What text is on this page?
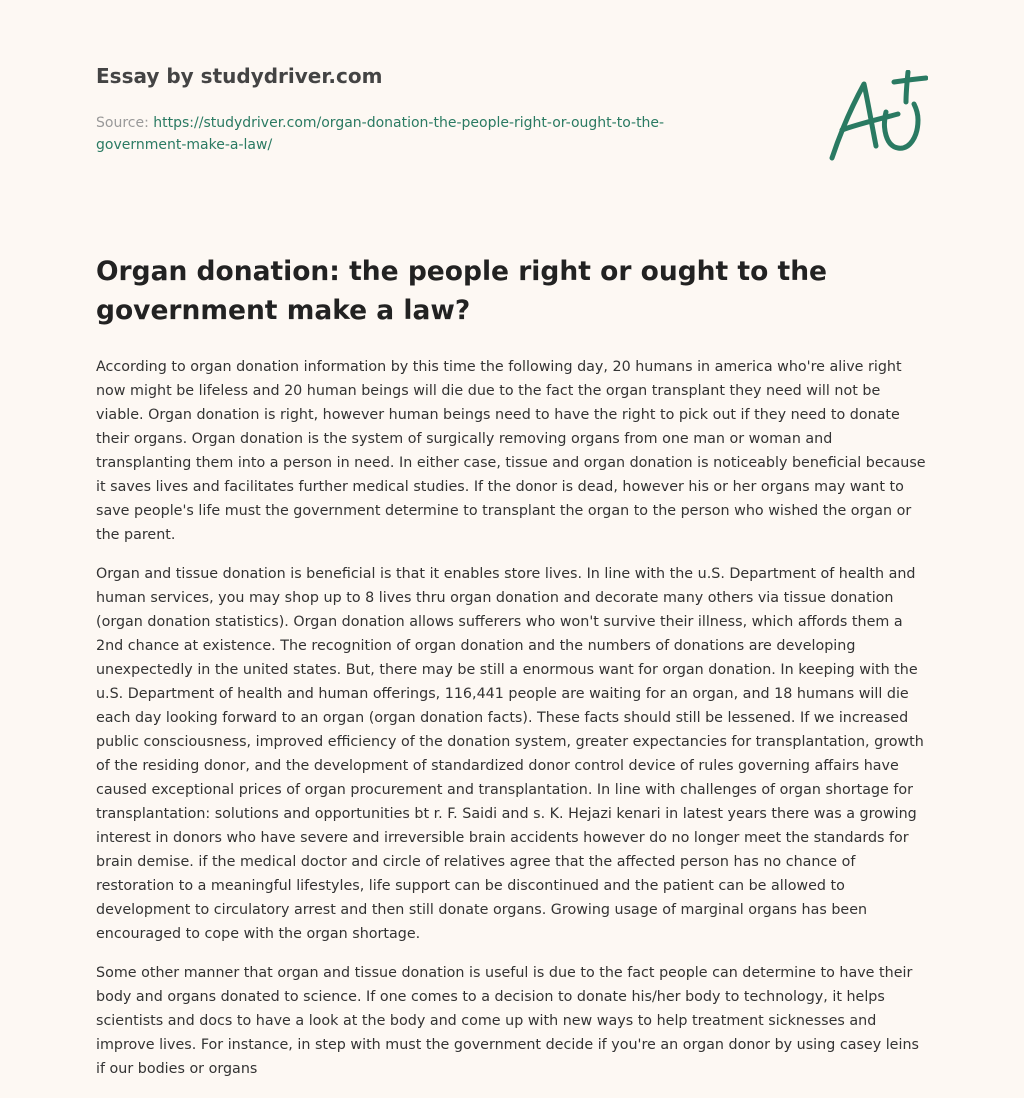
Essay by studydriver.com
Source: https://studydriver.com/organ-donation-the-people-right-or-ought-to-the-government-make-a-law/
Organ donation: the people right or ought to the government make a law?

According to organ donation information by this time the following day, 20 humans in america who're alive right now might be lifeless and 20 human beings will die due to the fact the organ transplant they need will not be viable. Organ donation is right, however human beings need to have the right to pick out if they need to donate their organs. Organ donation is the system of surgically removing organs from one man or woman and transplanting them into a person in need. In either case, tissue and organ donation is noticeably beneficial because it saves lives and facilitates further medical studies. If the donor is dead, however his or her organs may want to save people's life must the government determine to transplant the organ to the person who wished the organ or the parent.

Organ and tissue donation is beneficial is that it enables store lives. In line with the u.S. Department of health and human services, you may shop up to 8 lives thru organ donation and decorate many others via tissue donation (organ donation statistics). Organ donation allows sufferers who won't survive their illness, which affords them a 2nd chance at existence. The recognition of organ donation and the numbers of donations are developing unexpectedly in the united states. But, there may be still a enormous want for organ donation. In keeping with the u.S. Department of health and human offerings, 116,441 people are waiting for an organ, and 18 humans will die each day looking forward to an organ (organ donation facts). These facts should still be lessened. If we increased public consciousness, improved efficiency of the donation system, greater expectancies for transplantation, growth of the residing donor, and the development of standardized donor control device of rules governing affairs have caused exceptional prices of organ procurement and transplantation. In line with challenges of organ shortage for transplantation: solutions and opportunities bt r. F. Saidi and s. K. Hejazi kenari in latest years there was a growing interest in donors who have severe and irreversible brain accidents however do no longer meet the standards for brain demise. if the medical doctor and circle of relatives agree that the affected person has no chance of restoration to a meaningful lifestyles, life support can be discontinued and the patient can be allowed to development to circulatory arrest and then still donate organs. Growing usage of marginal organs has been encouraged to cope with the organ shortage.

Some other manner that organ and tissue donation is useful is due to the fact people can determine to have their body and organs donated to science. If one comes to a decision to donate his/her body to technology, it helps scientists and docs to have a look at the body and come up with new ways to help treatment sicknesses and improve lives. For instance, in step with must the government decide if you're an organ donor by using casey leins if our bodies or organs
